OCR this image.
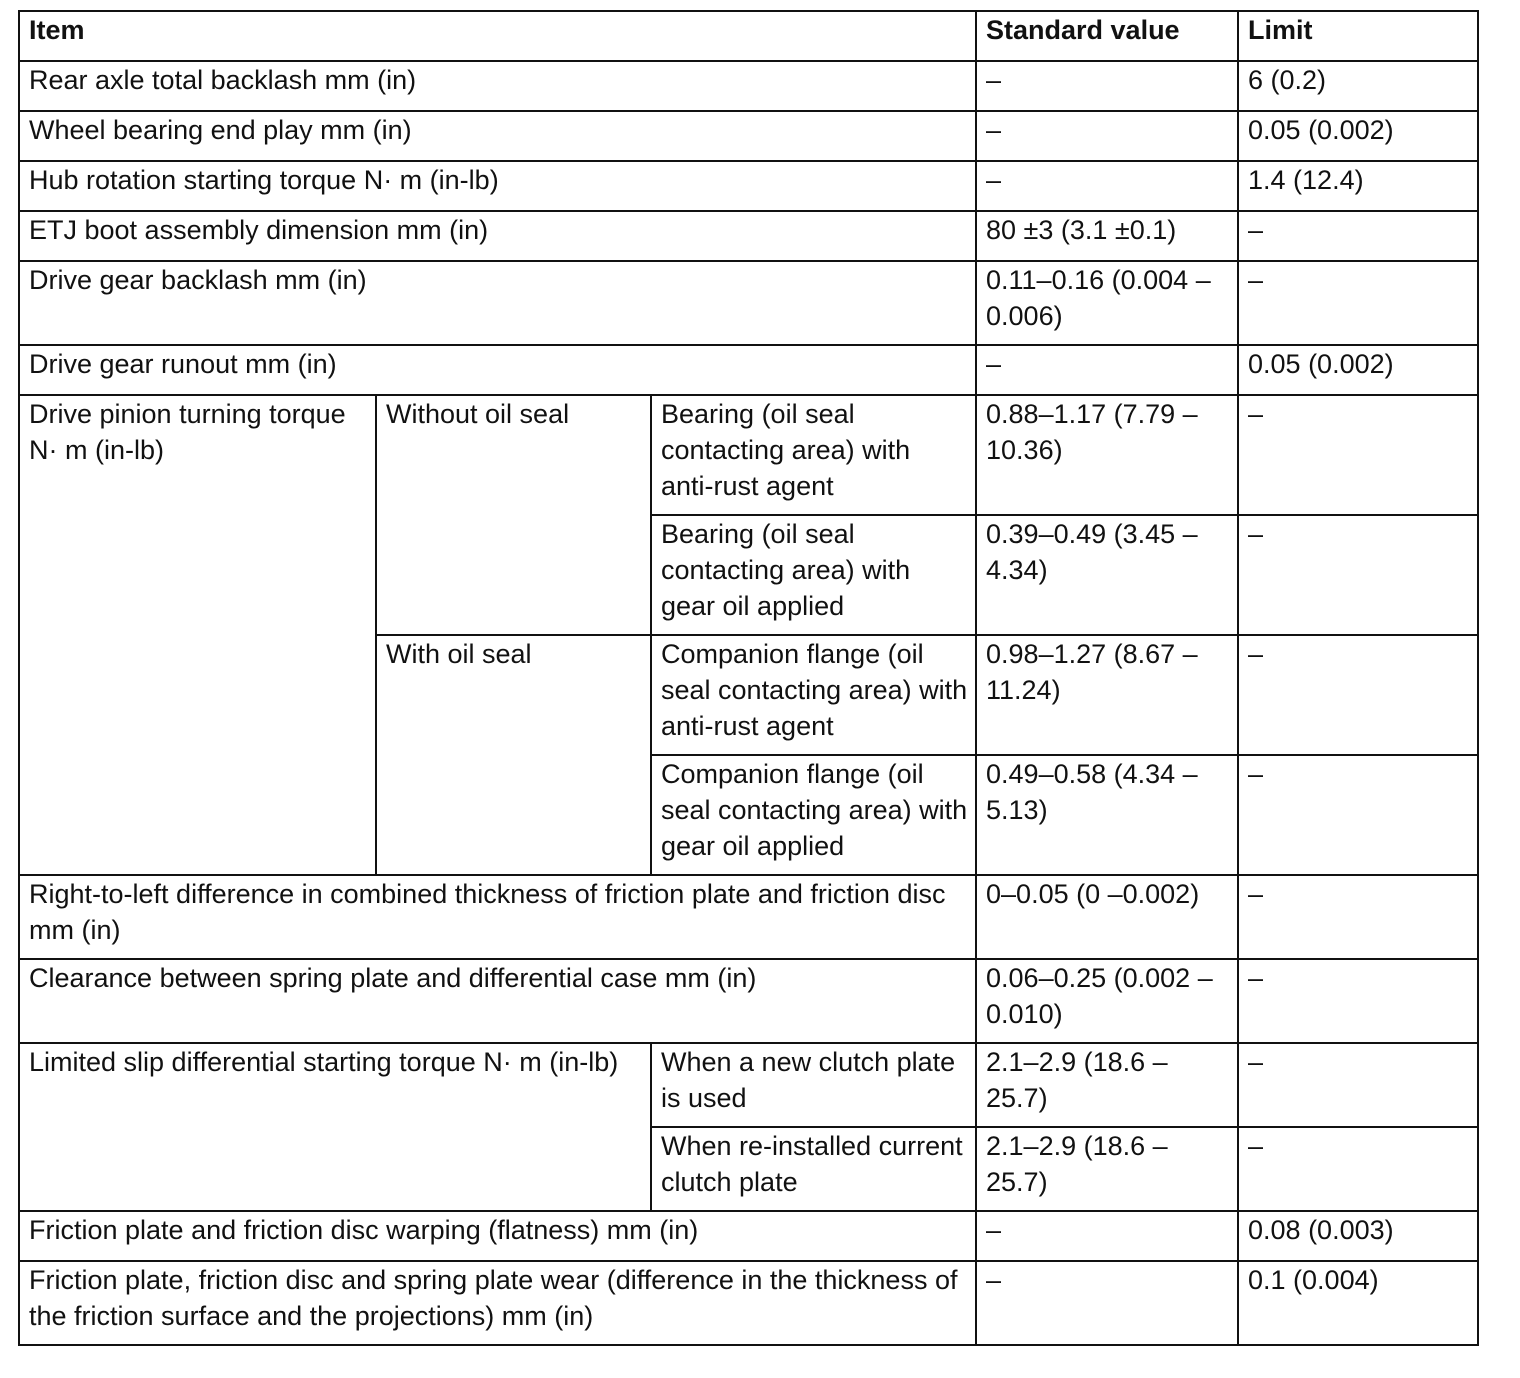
Item			Standard value	Limit
Rear axle total backlash mm (in)			–	6 (0.2)
Wheel bearing end play mm (in)			–	0.05 (0.002)
Hub rotation starting torque N· m (in-lb)			–	1.4 (12.4)
ETJ boot assembly dimension mm (in)			80 ±3 (3.1 ±0.1)	–
Drive gear backlash mm (in)			0.11–0.16 (0.004 – 0.006)	–
Drive gear runout mm (in)			–	0.05 (0.002)
Drive pinion turning torque N· m (in-lb)	Without oil seal	Bearing (oil seal contacting area) with anti-rust agent	0.88–1.17 (7.79 – 10.36)	–
		Bearing (oil seal contacting area) with gear oil applied	0.39–0.49 (3.45 – 4.34)	–
	With oil seal	Companion flange (oil seal contacting area) with anti-rust agent	0.98–1.27 (8.67 – 11.24)	–
		Companion flange (oil seal contacting area) with gear oil applied	0.49–0.58 (4.34 – 5.13)	–
Right-to-left difference in combined thickness of friction plate and friction disc mm (in)			0–0.05 (0 –0.002)	–
Clearance between spring plate and differential case mm (in)			0.06–0.25 (0.002 – 0.010)	–
Limited slip differential starting torque N· m (in-lb)		When a new clutch plate is used	2.1–2.9 (18.6 – 25.7)	–
		When re-installed current clutch plate	2.1–2.9 (18.6 – 25.7)	–
Friction plate and friction disc warping (flatness) mm (in)			–	0.08 (0.003)
Friction plate, friction disc and spring plate wear (difference in the thickness of the friction surface and the projections) mm (in)			–	0.1 (0.004)
